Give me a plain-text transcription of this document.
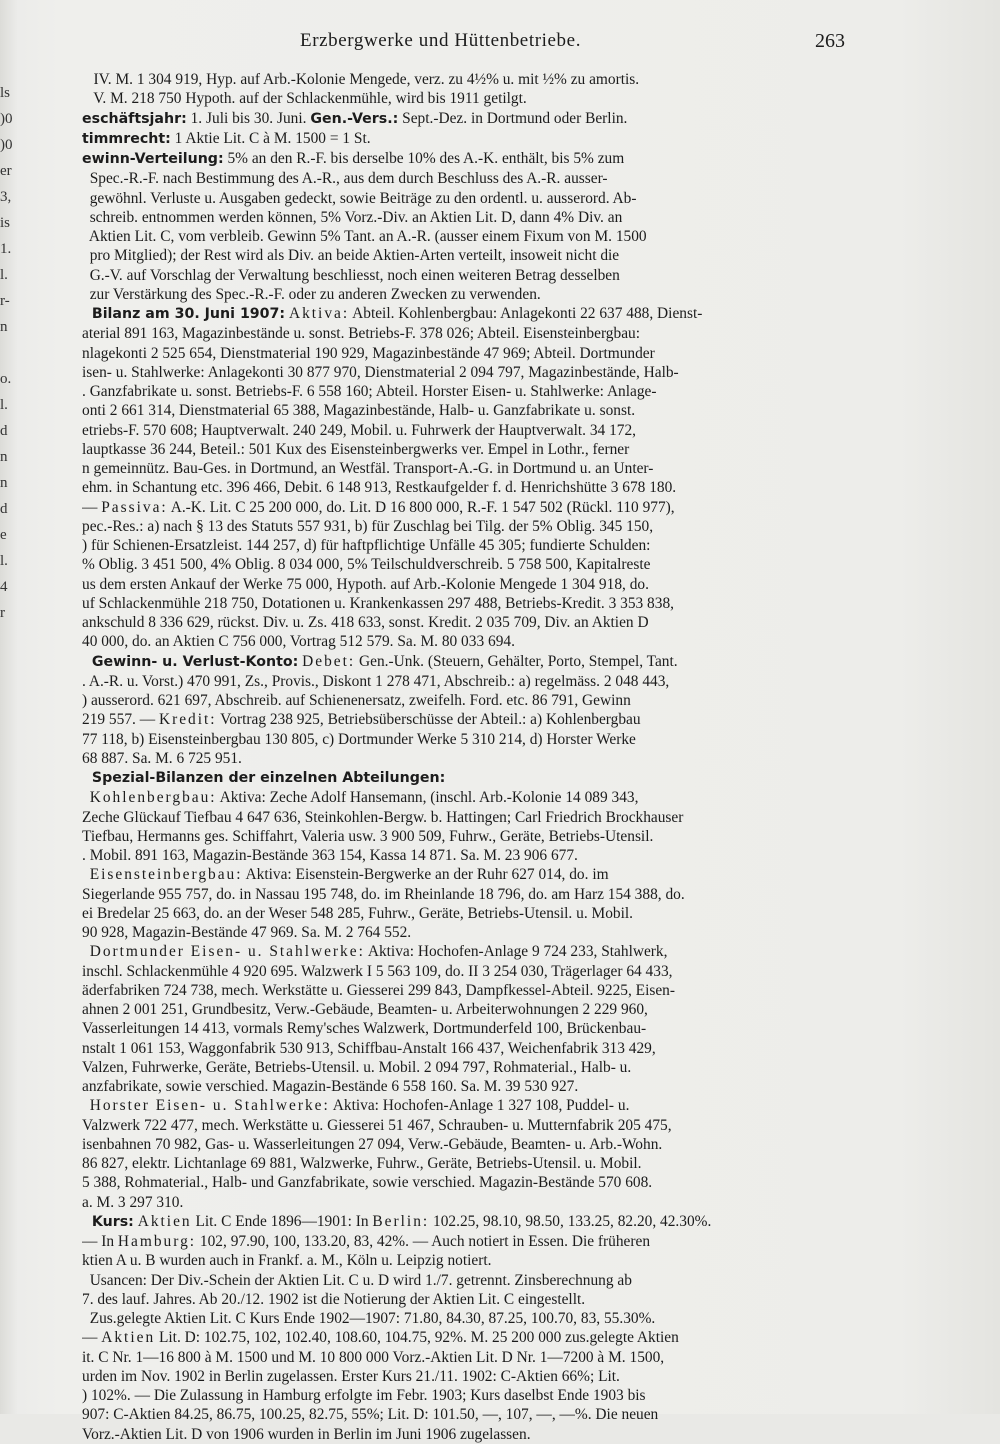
ls
)0
)0
er
3,
is
1.
l.
r-
n
o.
l.
d
n
n
d
e
l.
4
r
Erzbergwerke und Hüttenbetriebe.	263
IV. M. 1 304 919, Hyp. auf Arb.-Kolonie Mengede, verz. zu 4½% u. mit ½% zu amortis.
V. M. 218 750 Hypoth. auf der Schlackenmühle, wird bis 1911 getilgt.
eschäftsjahr: 1. Juli bis 30. Juni. Gen.-Vers.: Sept.-Dez. in Dortmund oder Berlin.
timmrecht: 1 Aktie Lit. C à M. 1500 = 1 St.
ewinn-Verteilung: 5% an den R.-F. bis derselbe 10% des A.-K. enthält, bis 5% zum
Spec.-R.-F. nach Bestimmung des A.-R., aus dem durch Beschluss des A.-R. ausser-
gewöhnl. Verluste u. Ausgaben gedeckt, sowie Beiträge zu den ordentl. u. ausserord. Ab-
schreib. entnommen werden können, 5% Vorz.-Div. an Aktien Lit. D, dann 4% Div. an
Aktien Lit. C, vom verbleib. Gewinn 5% Tant. an A.-R. (ausser einem Fixum von M. 1500
pro Mitglied); der Rest wird als Div. an beide Aktien-Arten verteilt, insoweit nicht die
G.-V. auf Vorschlag der Verwaltung beschliesst, noch einen weiteren Betrag desselben
zur Verstärkung des Spec.-R.-F. oder zu anderen Zwecken zu verwenden.
Bilanz am 30. Juni 1907: Aktiva: Abteil. Kohlenbergbau: Anlagekonti 22 637 488, Dienst-
aterial 891 163, Magazinbestände u. sonst. Betriebs-F. 378 026; Abteil. Eisensteinbergbau:
nlagekonti 2 525 654, Dienstmaterial 190 929, Magazinbestände 47 969; Abteil. Dortmunder
isen- u. Stahlwerke: Anlagekonti 30 877 970, Dienstmaterial 2 094 797, Magazinbestände, Halb-
. Ganzfabrikate u. sonst. Betriebs-F. 6 558 160; Abteil. Horster Eisen- u. Stahlwerke: Anlage-
onti 2 661 314, Dienstmaterial 65 388, Magazinbestände, Halb- u. Ganzfabrikate u. sonst.
etriebs-F. 570 608; Hauptverwalt. 240 249, Mobil. u. Fuhrwerk der Hauptverwalt. 34 172,
lauptkasse 36 244, Beteil.: 501 Kux des Eisensteinbergwerks ver. Empel in Lothr., ferner
n gemeinnütz. Bau-Ges. in Dortmund, an Westfäl. Transport-A.-G. in Dortmund u. an Unter-
ehm. in Schantung etc. 396 466, Debit. 6 148 913, Restkaufgelder f. d. Henrichshütte 3 678 180.
— Passiva: A.-K. Lit. C 25 200 000, do. Lit. D 16 800 000, R.-F. 1 547 502 (Rückl. 110 977),
pec.-Res.: a) nach § 13 des Statuts 557 931, b) für Zuschlag bei Tilg. der 5% Oblig. 345 150,
) für Schienen-Ersatzleist. 144 257, d) für haftpflichtige Unfälle 45 305; fundierte Schulden:
% Oblig. 3 451 500, 4% Oblig. 8 034 000, 5% Teilschuldverschreib. 5 758 500, Kapitalreste
us dem ersten Ankauf der Werke 75 000, Hypoth. auf Arb.-Kolonie Mengede 1 304 918, do.
uf Schlackenmühle 218 750, Dotationen u. Krankenkassen 297 488, Betriebs-Kredit. 3 353 838,
ankschuld 8 336 629, rückst. Div. u. Zs. 418 633, sonst. Kredit. 2 035 709, Div. an Aktien D
40 000, do. an Aktien C 756 000, Vortrag 512 579. Sa. M. 80 033 694.
Gewinn- u. Verlust-Konto: Debet: Gen.-Unk. (Steuern, Gehälter, Porto, Stempel, Tant.
. A.-R. u. Vorst.) 470 991, Zs., Provis., Diskont 1 278 471, Abschreib.: a) regelmäss. 2 048 443,
) ausserord. 621 697, Abschreib. auf Schienenersatz, zweifelh. Ford. etc. 86 791, Gewinn
219 557. — Kredit: Vortrag 238 925, Betriebsüberschüsse der Abteil.: a) Kohlenbergbau
77 118, b) Eisensteinbergbau 130 805, c) Dortmunder Werke 5 310 214, d) Horster Werke
68 887. Sa. M. 6 725 951.
Spezial-Bilanzen der einzelnen Abteilungen:
Kohlenbergbau: Aktiva: Zeche Adolf Hansemann, (inschl. Arb.-Kolonie 14 089 343,
Zeche Glückauf Tiefbau 4 647 636, Steinkohlen-Bergw. b. Hattingen; Carl Friedrich Brockhauser
Tiefbau, Hermanns ges. Schiffahrt, Valeria usw. 3 900 509, Fuhrw., Geräte, Betriebs-Utensil.
. Mobil. 891 163, Magazin-Bestände 363 154, Kassa 14 871. Sa. M. 23 906 677.
Eisensteinbergbau: Aktiva: Eisenstein-Bergwerke an der Ruhr 627 014, do. im
Siegerlande 955 757, do. in Nassau 195 748, do. im Rheinlande 18 796, do. am Harz 154 388, do.
ei Bredelar 25 663, do. an der Weser 548 285, Fuhrw., Geräte, Betriebs-Utensil. u. Mobil.
90 928, Magazin-Bestände 47 969. Sa. M. 2 764 552.
Dortmunder Eisen- u. Stahlwerke: Aktiva: Hochofen-Anlage 9 724 233, Stahlwerk,
inschl. Schlackenmühle 4 920 695. Walzwerk I 5 563 109, do. II 3 254 030, Trägerlager 64 433,
äderfabriken 724 738, mech. Werkstätte u. Giesserei 299 843, Dampfkessel-Abteil. 9225, Eisen-
ahnen 2 001 251, Grundbesitz, Verw.-Gebäude, Beamten- u. Arbeiterwohnungen 2 229 960,
Vasserleitungen 14 413, vormals Remy'sches Walzwerk, Dortmunderfeld 100, Brückenbau-
nstalt 1 061 153, Waggonfabrik 530 913, Schiffbau-Anstalt 166 437, Weichenfabrik 313 429,
Valzen, Fuhrwerke, Geräte, Betriebs-Utensil. u. Mobil. 2 094 797, Rohmaterial., Halb- u.
anzfabrikate, sowie verschied. Magazin-Bestände 6 558 160. Sa. M. 39 530 927.
Horster Eisen- u. Stahlwerke: Aktiva: Hochofen-Anlage 1 327 108, Puddel- u.
Valzwerk 722 477, mech. Werkstätte u. Giesserei 51 467, Schrauben- u. Mutternfabrik 205 475,
isenbahnen 70 982, Gas- u. Wasserleitungen 27 094, Verw.-Gebäude, Beamten- u. Arb.-Wohn.
86 827, elektr. Lichtanlage 69 881, Walzwerke, Fuhrw., Geräte, Betriebs-Utensil. u. Mobil.
5 388, Rohmaterial., Halb- und Ganzfabrikate, sowie verschied. Magazin-Bestände 570 608.
a. M. 3 297 310.
Kurs: Aktien Lit. C Ende 1896—1901: In Berlin: 102.25, 98.10, 98.50, 133.25, 82.20, 42.30%.
— In Hamburg: 102, 97.90, 100, 133.20, 83, 42%. — Auch notiert in Essen. Die früheren
ktien A u. B wurden auch in Frankf. a. M., Köln u. Leipzig notiert.
Usancen: Der Div.-Schein der Aktien Lit. C u. D wird 1./7. getrennt. Zinsberechnung ab
7. des lauf. Jahres. Ab 20./12. 1902 ist die Notierung der Aktien Lit. C eingestellt.
Zus.gelegte Aktien Lit. C Kurs Ende 1902—1907: 71.80, 84.30, 87.25, 100.70, 83, 55.30%.
— Aktien Lit. D: 102.75, 102, 102.40, 108.60, 104.75, 92%. M. 25 200 000 zus.gelegte Aktien
it. C Nr. 1—16 800 à M. 1500 und M. 10 800 000 Vorz.-Aktien Lit. D Nr. 1—7200 à M. 1500,
urden im Nov. 1902 in Berlin zugelassen. Erster Kurs 21./11. 1902: C-Aktien 66%; Lit.
) 102%. — Die Zulassung in Hamburg erfolgte im Febr. 1903; Kurs daselbst Ende 1903 bis
907: C-Aktien 84.25, 86.75, 100.25, 82.75, 55%; Lit. D: 101.50, —, 107, —, —%. Die neuen
Vorz.-Aktien Lit. D von 1906 wurden in Berlin im Juni 1906 zugelassen.
